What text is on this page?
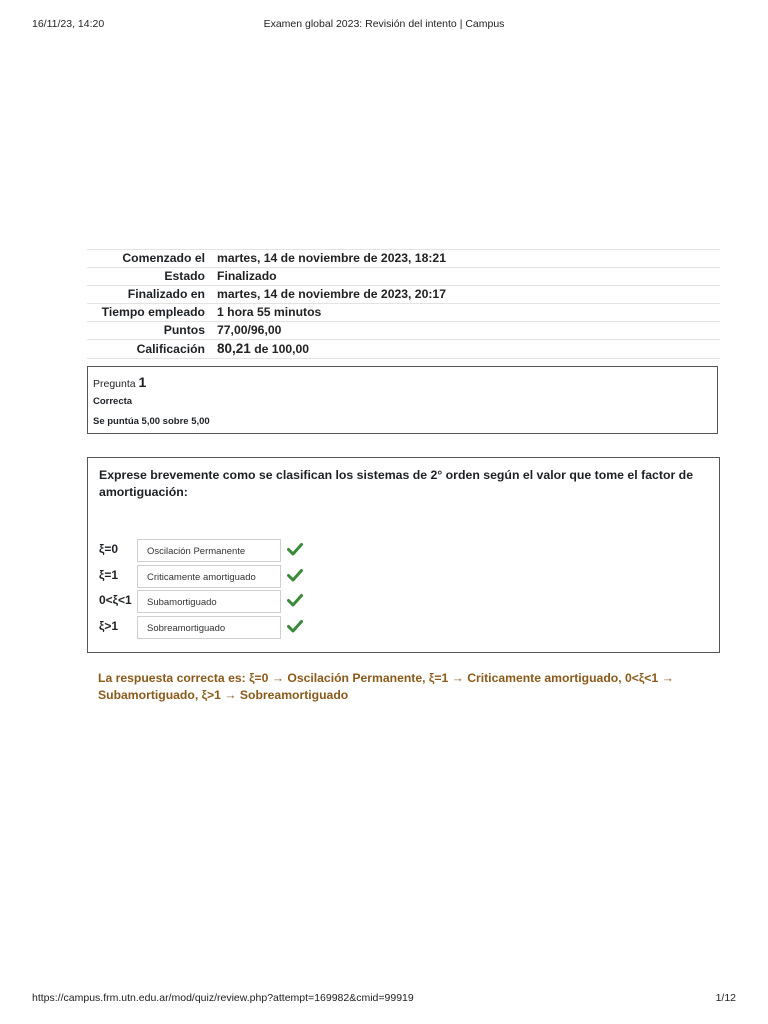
16/11/23, 14:20	Examen global 2023: Revisión del intento | Campus
Comenzado el	martes, 14 de noviembre de 2023, 18:21
Estado	Finalizado
Finalizado en	martes, 14 de noviembre de 2023, 20:17
Tiempo empleado	1 hora 55 minutos
Puntos	77,00/96,00
Calificación	80,21 de 100,00
Pregunta 1
Correcta
Se puntúa 5,00 sobre 5,00
Exprese brevemente como se clasifican los sistemas de 2° orden según el valor que tome el factor de amortiguación:
ξ=0	Oscilación Permanente
ξ=1	Criticamente amortiguado
0<ξ<1	Subamortiguado
ξ>1	Sobreamortiguado
La respuesta correcta es: ξ=0 → Oscilación Permanente, ξ=1 → Criticamente amortiguado, 0<ξ<1 → Subamortiguado, ξ>1 → Sobreamortiguado
https://campus.frm.utn.edu.ar/mod/quiz/review.php?attempt=169982&cmid=99919	1/12
